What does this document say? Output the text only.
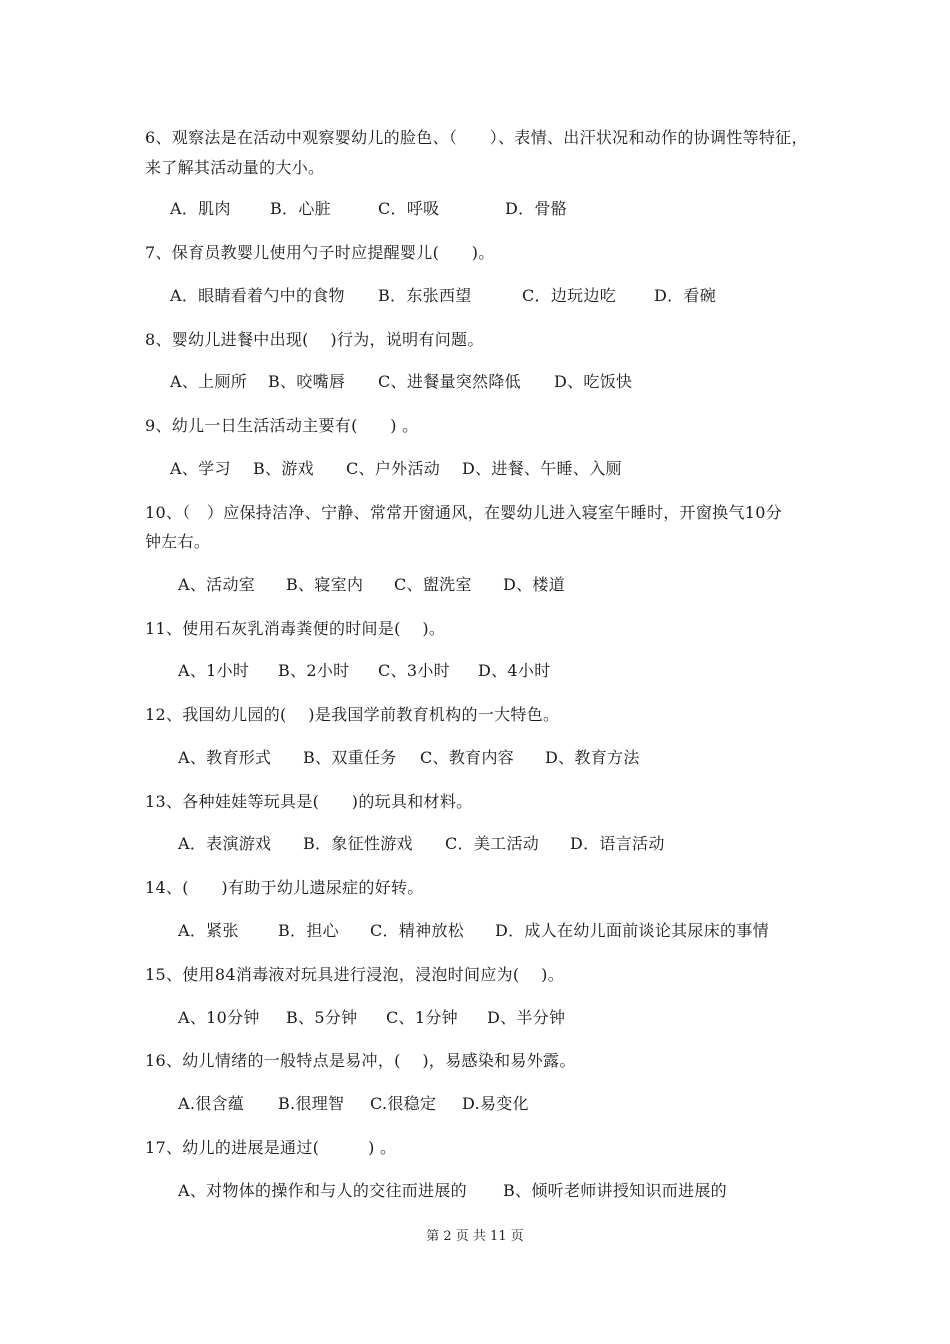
6、观察法是在活动中观察婴幼儿的脸色、（　　）、表情、出汗状况和动作的协调性等特征，
来了解其活动量的大小。
A．肌肉 B．心脏	C．呼吸	D．骨骼
7、保育员教婴儿使用勺子时应提醒婴儿(　　)。
A．眼睛看着勺中的食物 B．东张西望	C．边玩边吃 D．看碗
8、婴幼儿进餐中出现(　 )行为，说明有问题。
A、上厕所 B、咬嘴唇 C、进餐量突然降低 D、吃饭快
9、幼儿一日生活活动主要有(　　) 。
A、学习 B、游戏 C、户外活动 D、进餐、午睡、入厕
10、（　）应保持洁净、宁静、常常开窗通风，在婴幼儿进入寝室午睡时，开窗换气10分
钟左右。
A、活动室 B、寝室内 C、盥洗室 D、楼道
11、使用石灰乳消毒粪便的时间是(　 )。
A、1小时 B、2小时 C、3小时 D、4小时
12、我国幼儿园的(　 )是我国学前教育机构的一大特色。
A、教育形式 B、双重任务 C、教育内容 D、教育方法
13、各种娃娃等玩具是(　　)的玩具和材料。
A．表演游戏 B．象征性游戏 C．美工活动 D．语言活动
14、(　　)有助于幼儿遗尿症的好转。
A．紧张 B．担心 C．精神放松 D．成人在幼儿面前谈论其尿床的事情
15、使用84消毒液对玩具进行浸泡，浸泡时间应为(　 )。
A、10分钟 B、5分钟 C、1分钟 D、半分钟
16、幼儿情绪的一般特点是易冲，(　 )，易感染和易外露。
A.很含蕴 B.很理智 C.很稳定 D.易变化
17、幼儿的进展是通过(　　　) 。
A、对物体的操作和与人的交往而进展的 B、倾听老师讲授知识而进展的
第 2 页 共 11 页
